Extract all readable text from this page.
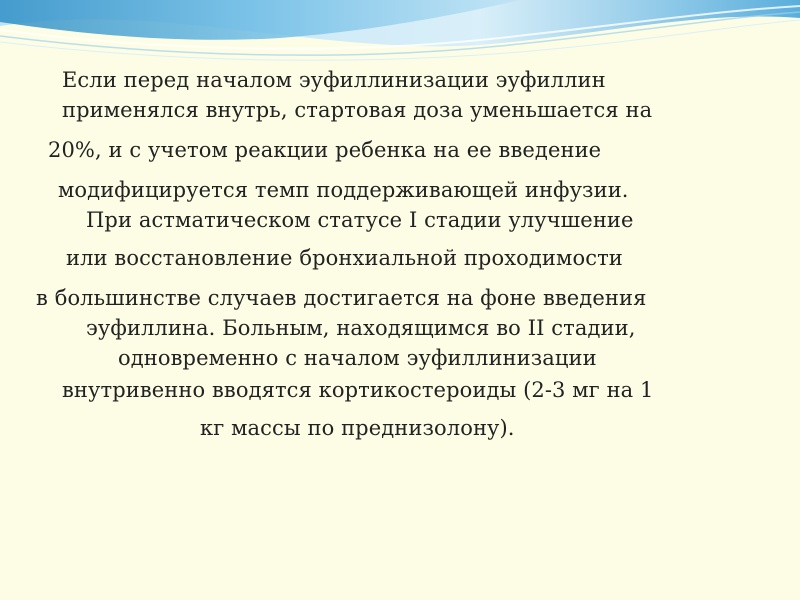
Если перед началом эуфиллинизации эуфиллин
применялся внутрь, стартовая доза уменьшается на
20%, и с учетом реакции ребенка на ее введение
модифицируется темп поддерживающей инфузии.
При астматическом статусе I стадии улучшение
или восстановление бронхиальной проходимости
в большинстве случаев достигается на фоне введения
эуфиллина. Больным, находящимся во II стадии,
одновременно с началом эуфиллинизации
внутривенно вводятся кортикостероиды (2-3 мг на 1
кг массы по преднизолону).
